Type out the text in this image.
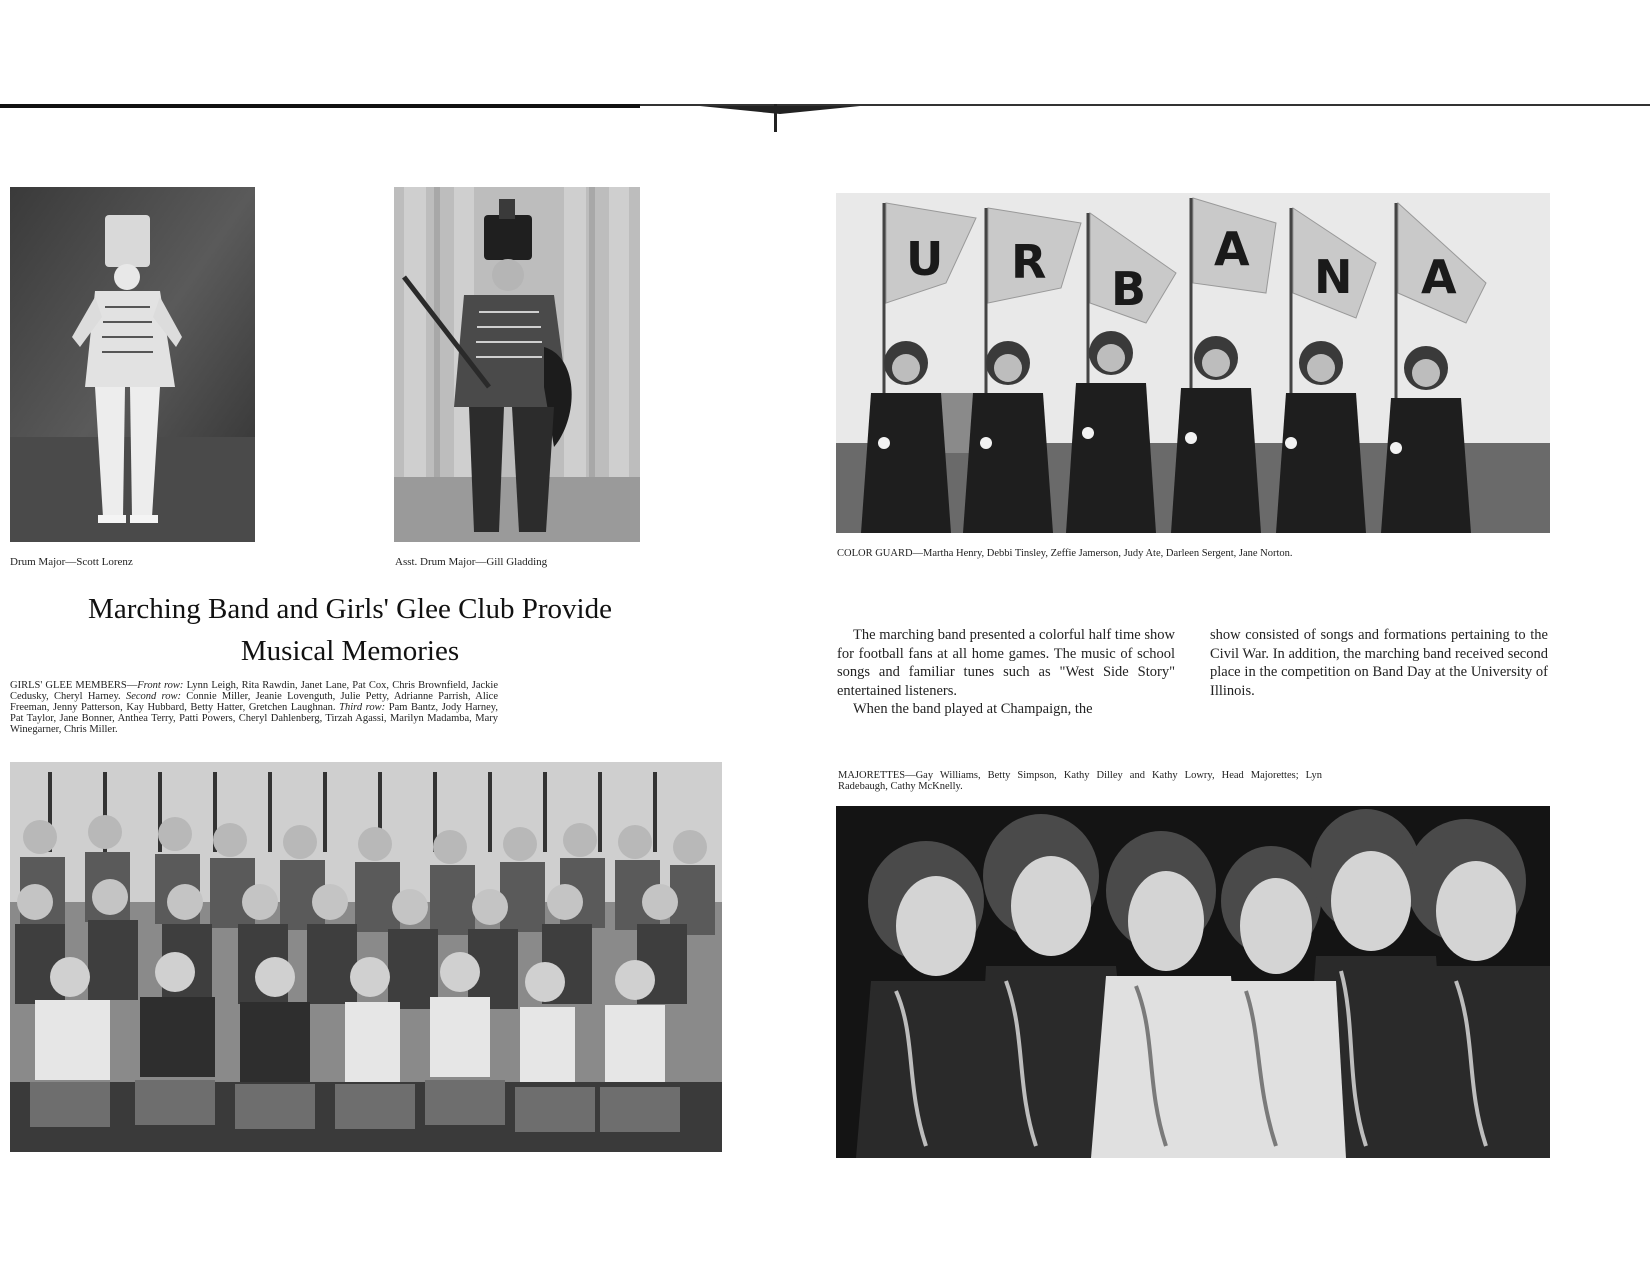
Drum Major—Scott Lorenz	Asst. Drum Major—Gill Gladding
Marching Band and Girls' Glee Club Provide
Musical Memories
GIRLS' GLEE MEMBERS—Front row: Lynn Leigh, Rita Rawdin, Janet Lane, Pat Cox, Chris Brownfield, Jackie Cedusky, Cheryl Harney. Second row: Connie Miller, Jeanie Lovenguth, Julie Petty, Adrianne Parrish, Alice Freeman, Jenny Patterson, Kay Hubbard, Betty Hatter, Gretchen Laughnan. Third row: Pam Bantz, Jody Harney, Pat Taylor, Jane Bonner, Anthea Terry, Patti Powers, Cheryl Dahlenberg, Tirzah Agassi, Marilyn Madamba, Mary Winegarner, Chris Miller.
U R B
A
N A
COLOR GUARD—Martha Henry, Debbi Tinsley, Zeffie Jamerson, Judy Ate, Darleen Sergent, Jane Norton.

The marching band presented a colorful half time show for football fans at all home games. The music of school songs and familiar tunes such as "West Side Story" entertained listeners.

When the band played at Champaign, the

show consisted of songs and formations pertaining to the Civil War. In addition, the marching band received second place in the competition on Band Day at the University of Illinois.

MAJORETTES—Gay Williams, Betty Simpson, Kathy Dilley and Kathy Lowry, Head Majorettes; Lyn Radebaugh, Cathy McKnelly.
